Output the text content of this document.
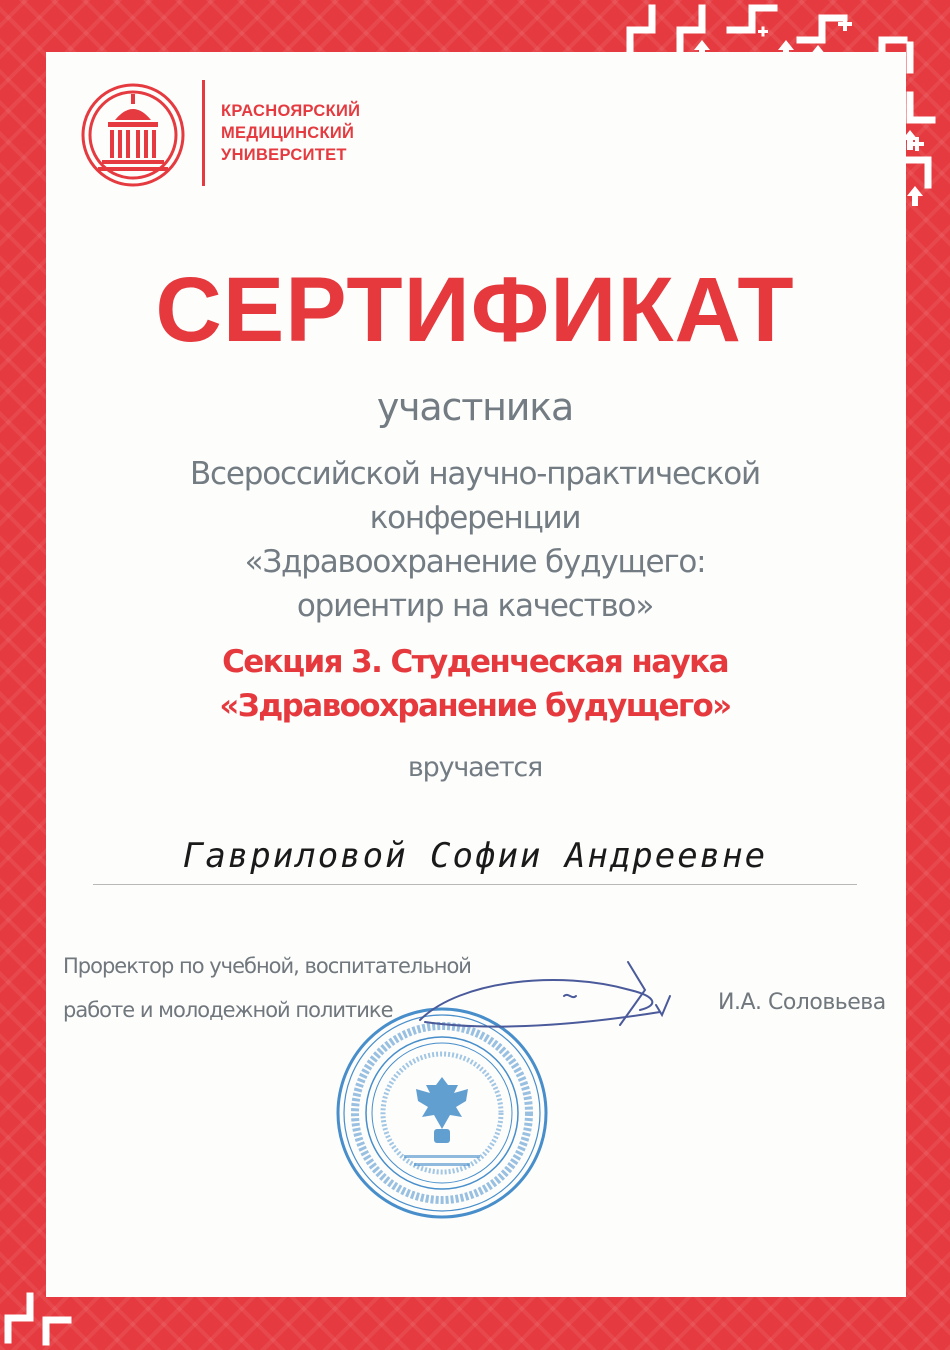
КРАСНОЯРСКИЙ
МЕДИЦИНСКИЙ
УНИВЕРСИТЕТ
СЕРТИФИКАТ
участника
Всероссийской научно-практической
конференции
«Здравоохранение будущего:
ориентир на качество»
Секция 3. Студенческая наука
«Здравоохранение будущего»
вручается
Гавриловой Софии Андреевне
Проректор по учебной, воспитательной
работе и молодежной политике	И.А. Соловьева
